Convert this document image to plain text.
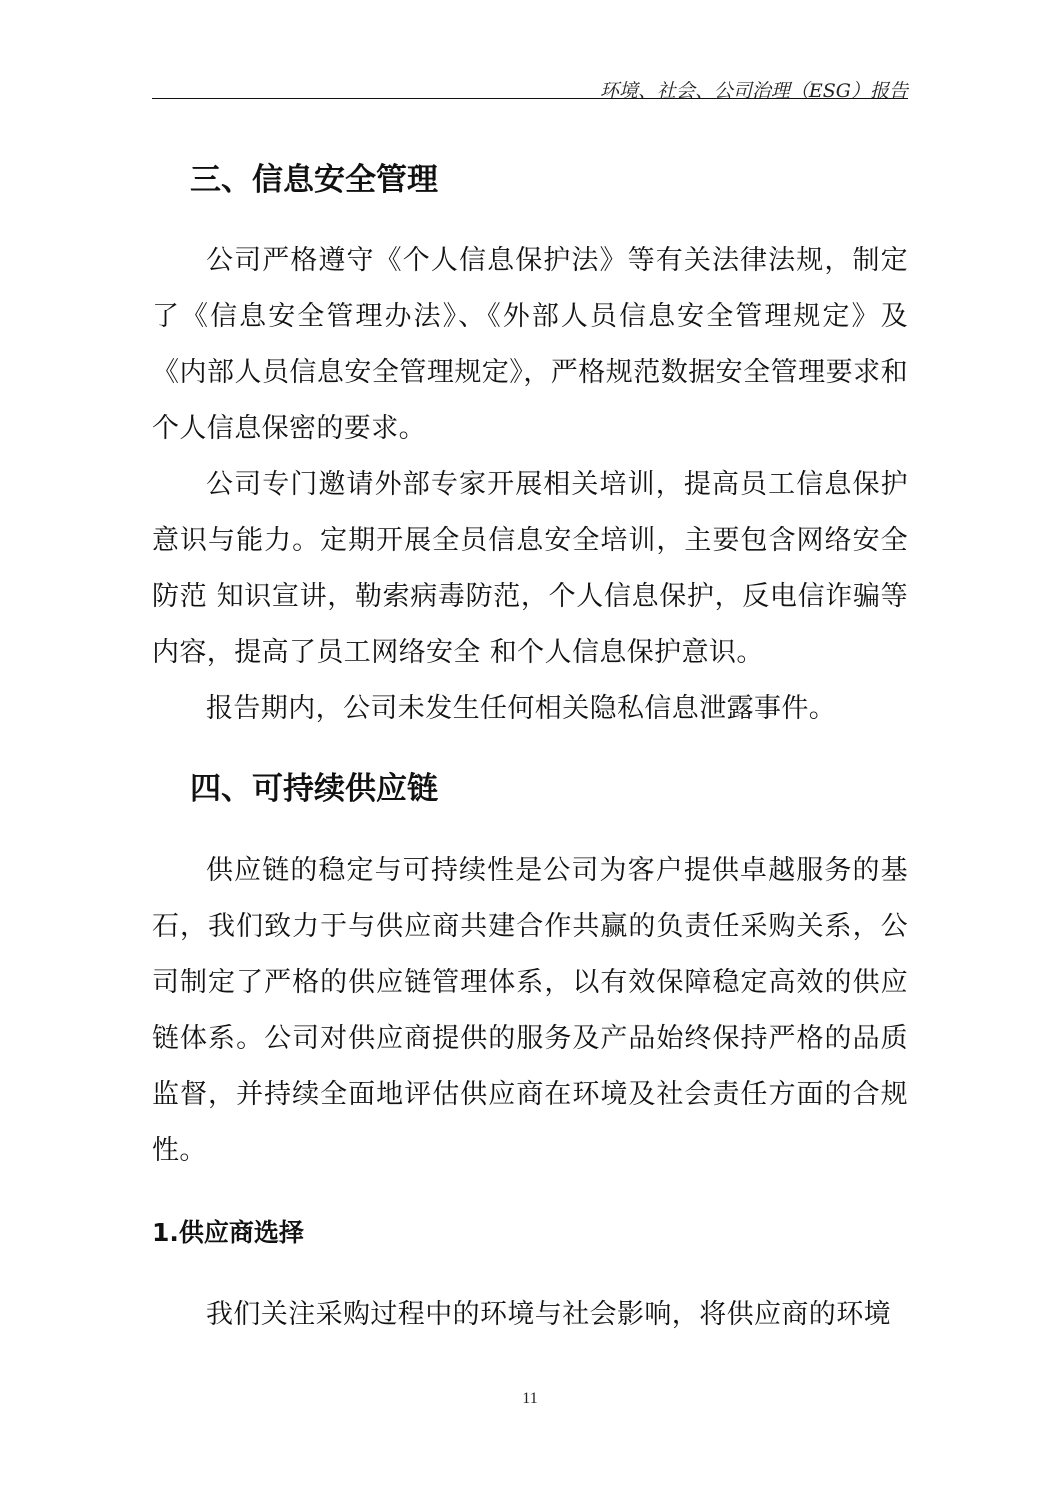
环境、社会、公司治理（ESG）报告
三、信息安全管理

公司严格遵守《个人信息保护法》等有关法律法规，制定了《信息安全管理办法》、《外部人员信息安全管理规定》及《内部人员信息安全管理规定》，严格规范数据安全管理要求和个人信息保密的要求。

公司专门邀请外部专家开展相关培训，提高员工信息保护意识与能力。定期开展全员信息安全培训，主要包含网络安全防范 知识宣讲，勒索病毒防范，个人信息保护，反电信诈骗等内容，提高了员工网络安全 和个人信息保护意识。

报告期内，公司未发生任何相关隐私信息泄露事件。

四、可持续供应链

供应链的稳定与可持续性是公司为客户提供卓越服务的基石，我们致力于与供应商共建合作共赢的负责任采购关系，公司制定了严格的供应链管理体系，以有效保障稳定高效的供应链体系。公司对供应商提供的服务及产品始终保持严格的品质监督，并持续全面地评估供应商在环境及社会责任方面的合规性。

1.供应商选择

我们关注采购过程中的环境与社会影响，将供应商的环境

11
